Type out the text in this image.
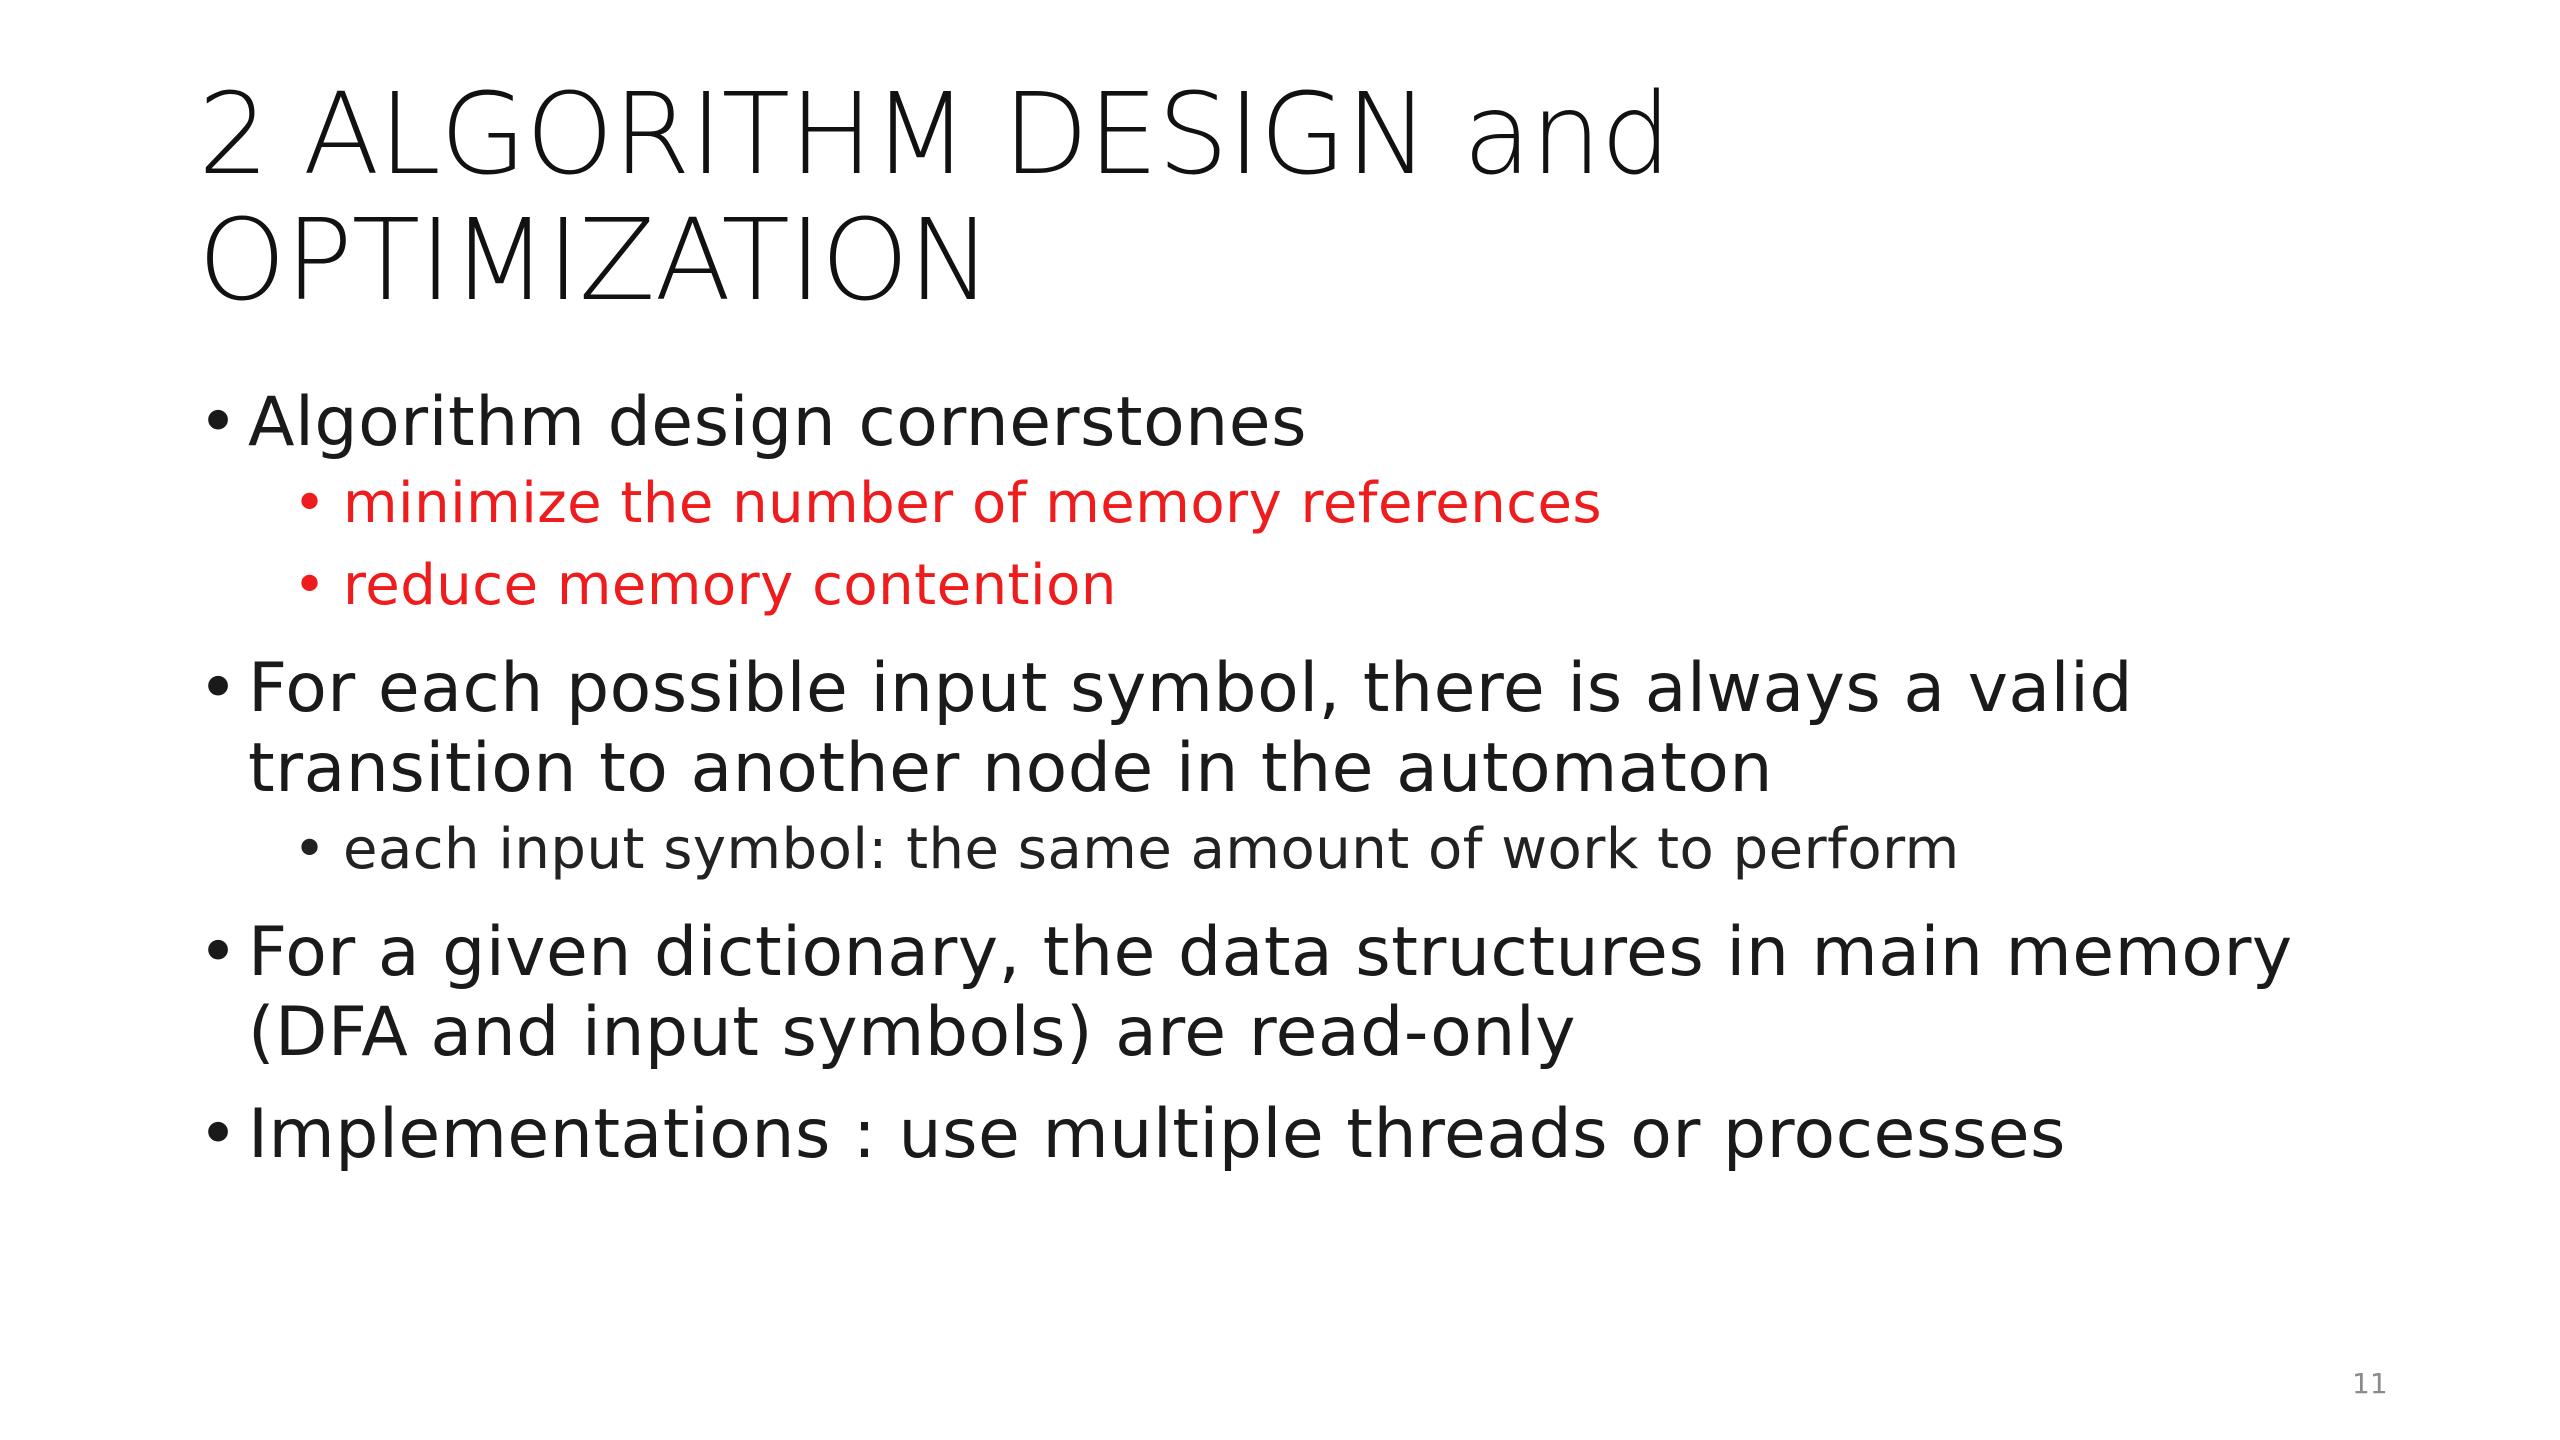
2 ALGORITHM DESIGN and
OPTIMIZATION
• Algorithm design cornerstones
• minimize the number of memory references
• reduce memory contention
• For each possible input symbol, there is always a valid
transition to another node in the automaton
• each input symbol: the same amount of work to perform
• For a given dictionary, the data structures in main memory
(DFA and input symbols) are read-only
• Implementations : use multiple threads or processes
11
